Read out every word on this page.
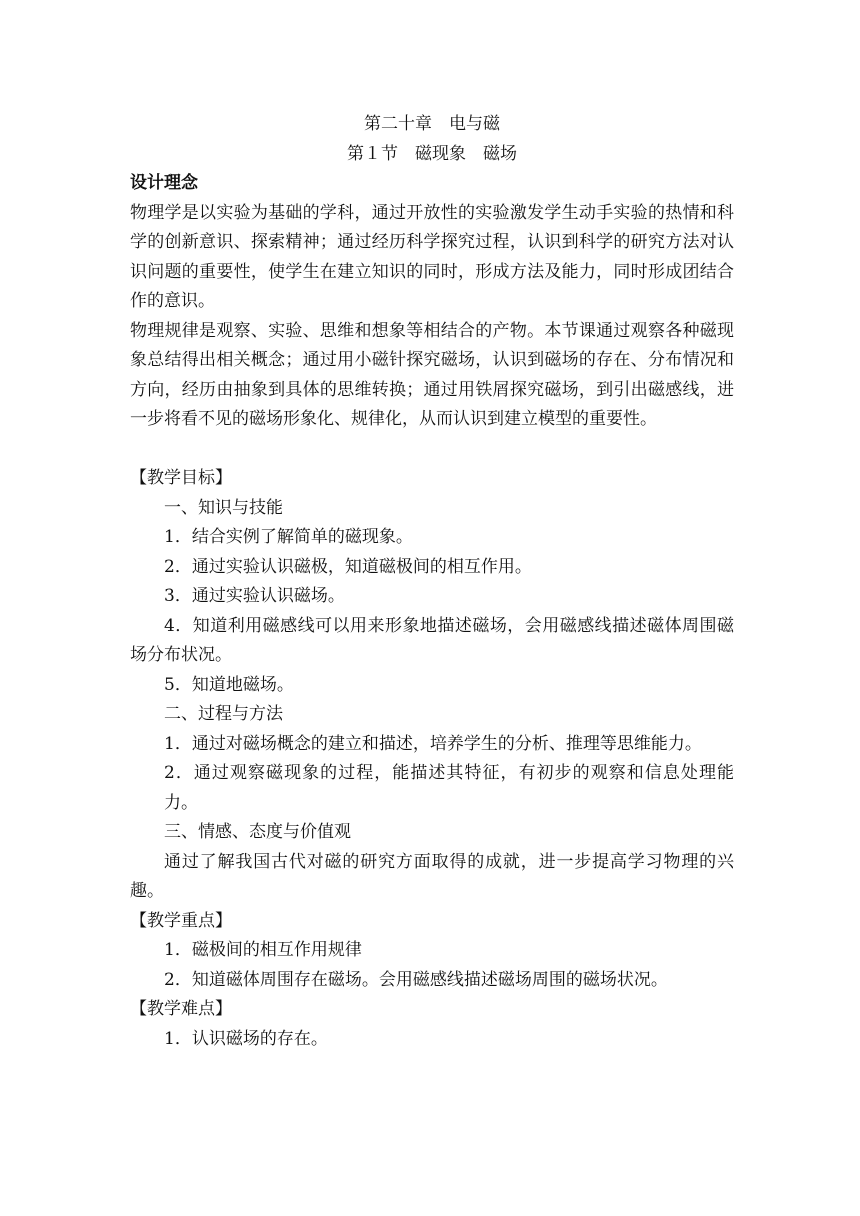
第二十章　电与磁

第１节　磁现象　磁场

设计理念

物理学是以实验为基础的学科，通过开放性的实验激发学生动手实验的热情和科学的创新意识、探索精神；通过经历科学探究过程，认识到科学的研究方法对认识问题的重要性，使学生在建立知识的同时，形成方法及能力，同时形成团结合作的意识。

物理规律是观察、实验、思维和想象等相结合的产物。本节课通过观察各种磁现象总结得出相关概念；通过用小磁针探究磁场，认识到磁场的存在、分布情况和方向，经历由抽象到具体的思维转换；通过用铁屑探究磁场，到引出磁感线，进一步将看不见的磁场形象化、规律化，从而认识到建立模型的重要性。

【教学目标】

一、知识与技能

1．结合实例了解简单的磁现象。

2．通过实验认识磁极，知道磁极间的相互作用。

3．通过实验认识磁场。

4．知道利用磁感线可以用来形象地描述磁场，会用磁感线描述磁体周围磁场分布状况。

5．知道地磁场。

二、过程与方法

1．通过对磁场概念的建立和描述，培养学生的分析、推理等思维能力。

2．通过观察磁现象的过程，能描述其特征，有初步的观察和信息处理能力。

三、情感、态度与价值观

通过了解我国古代对磁的研究方面取得的成就，进一步提高学习物理的兴趣。

【教学重点】

1．磁极间的相互作用规律

2．知道磁体周围存在磁场。会用磁感线描述磁场周围的磁场状况。

【教学难点】

1．认识磁场的存在。
